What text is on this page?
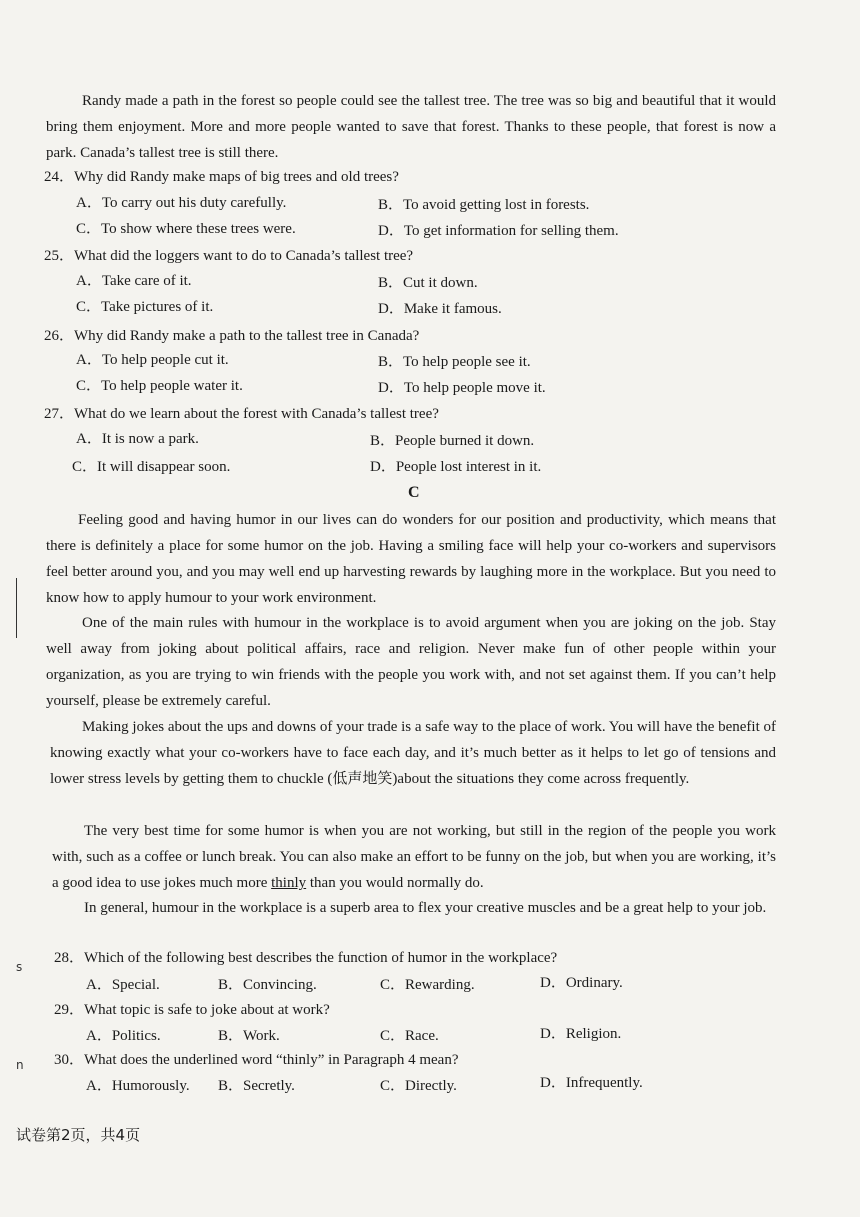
Randy made a path in the forest so people could see the tallest tree. The tree was so big and beautiful that it would bring them enjoyment. More and more people wanted to save that forest. Thanks to these people, that forest is now a park. Canada’s tallest tree is still there.

24．Why did Randy make maps of big trees and old trees?

A．To carry out his duty carefully.	B．To avoid getting lost in forests.

C．To show where these trees were.	D．To get information for selling them.

25．What did the loggers want to do to Canada’s tallest tree?

A．Take care of it.	B．Cut it down.

C．Take pictures of it.	D．Make it famous.

26．Why did Randy make a path to the tallest tree in Canada?

A．To help people cut it.	B．To help people see it.

C．To help people water it.	D．To help people move it.

27．What do we learn about the forest with Canada’s tallest tree?

A．It is now a park.	B．People burned it down.

C．It will disappear soon.	D．People lost interest in it.

C

Feeling good and having humor in our lives can do wonders for our position and productivity, which means that there is definitely a place for some humor on the job. Having a smiling face will help your co-workers and supervisors feel better around you, and you may well end up harvesting rewards by laughing more in the workplace. But you need to know how to apply humour to your work environment.

One of the main rules with humour in the workplace is to avoid argument when you are joking on the job. Stay well away from joking about political affairs, race and religion. Never make fun of other people within your organization, as you are trying to win friends with the people you work with, and not set against them. If you can’t help yourself, please be extremely careful.

Making jokes about the ups and downs of your trade is a safe way to the place of work. You will have the benefit of knowing exactly what your co-workers have to face each day, and it’s much better as it helps to let go of tensions and lower stress levels by getting them to chuckle (低声地笑)about the situations they come across frequently.

The very best time for some humor is when you are not working, but still in the region of the people you work with, such as a coffee or lunch break. You can also make an effort to be funny on the job, but when you are working, it’s a good idea to use jokes much more thinly than you would normally do.

In general, humour in the workplace is a superb area to flex your creative muscles and be a great help to your job.

28．Which of the following best describes the function of humor in the workplace?

A．Special.	B．Convincing.	C．Rewarding.	D．Ordinary.

29．What topic is safe to joke about at work?

A．Politics.	B．Work.	C．Race.	D．Religion.

30．What does the underlined word “thinly” in Paragraph 4 mean?

A．Humorously. B．Secretly.	C．Directly.	D．Infrequently.

s

n

试卷第2页，共4页
